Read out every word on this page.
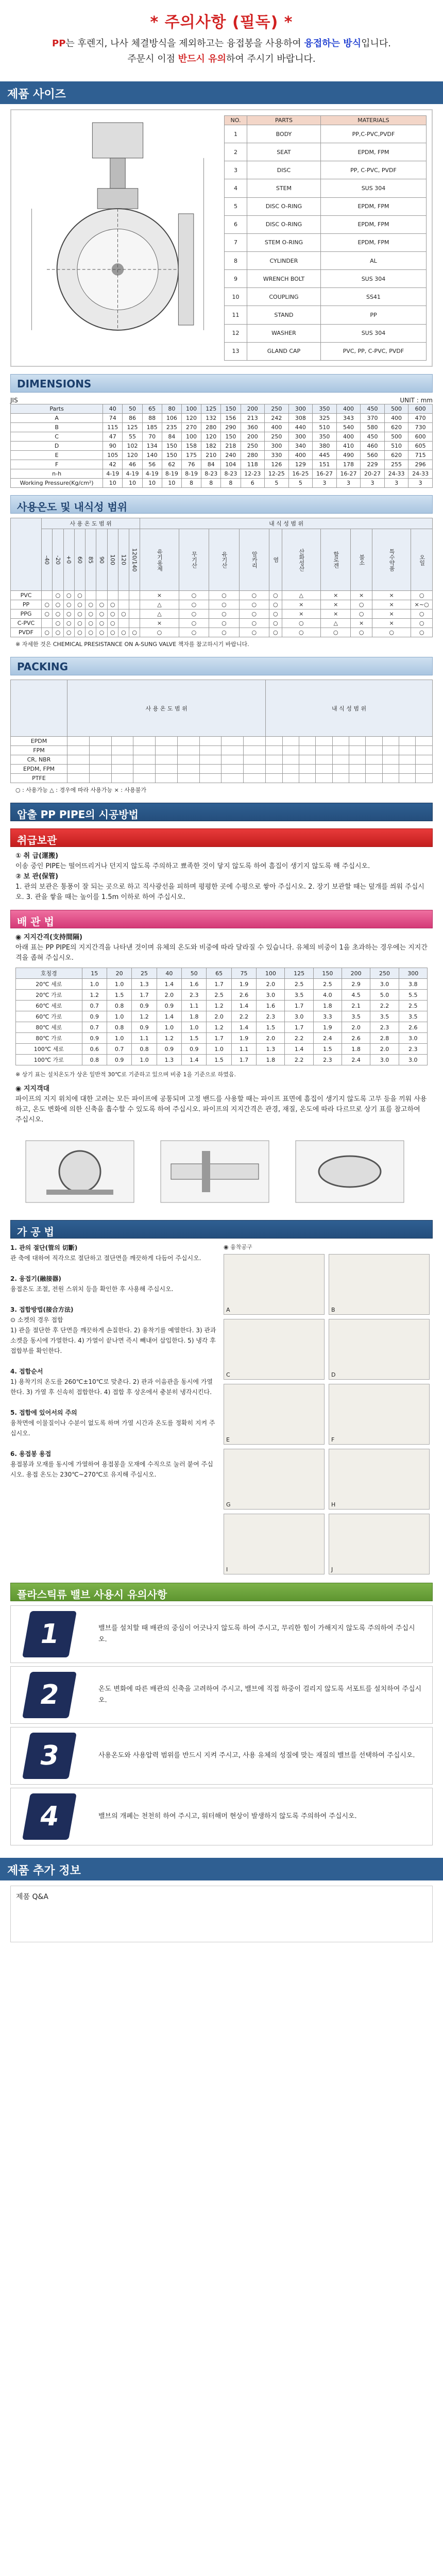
* 주의사항 (필독) *

PP는 후렌지, 나사 체결방식을 제외하고는 융접봉을 사용하여 융접하는 방식입니다.

주문시 이점 반드시 유의하여 주시기 바랍니다.

제품 사이즈
NO.	PARTS	MATERIALS
1	BODY	PP,C-PVC,PVDF
2	SEAT	EPDM, FPM
3	DISC	PP, C-PVC, PVDF
4	STEM	SUS 304
5	DISC O-RING	EPDM, FPM
6	DISC O-RING	EPDM, FPM
7	STEM O-RING	EPDM, FPM
8	CYLINDER	AL
9	WRENCH BOLT	SUS 304
10	COUPLING	SS41
11	STAND	PP
12	WASHER	SUS 304
13	GLAND CAP	PVC, PP, C-PVC, PVDF
DIMENSIONS
JIS	UNIT : mm
Parts	40	50	65	80	100	125	150	200	250	300	350	400	450	500	600
A	74	86	88	106	120	132	156	213	242	308	325	343	370	400	470
B	115	125	185	235	270	280	290	360	400	440	510	540	580	620	730
C	47	55	70	84	100	120	150	200	250	300	350	400	450	500	600
D	90	102	134	150	158	182	218	250	300	340	380	410	460	510	605
E	105	120	140	150	175	210	240	280	330	400	445	490	560	620	715
F	42	46	56	62	76	84	104	118	126	129	151	178	229	255	296
n-h	4-19	4-19	4-19	8-19	8-19	8-23	8-23	12-23	12-25	16-25	16-27	16-27	20-27	24-33	24-33
Working Pressure(Kg/cm²)	10	10	10	10	8	8	8	6	5	5	3	3	3	3	3
사용온도 및 내식성 범위
	사 용 온 도 범 위									내 식 성 범 위									
	-40	-20	+0	60	85	90	100	120	120/140	유기용제	무기산	유기산	알카리	염	산화성산	할로겐	불소	특수약품	오일
PVC		○	○	○						×	○	○	○	○	△	×	×	×	○
PP	○	○	○	○	○	○	○			△	○	○	○	○	×	×	○	×	×~○
PPG	○	○	○	○	○	○	○	○		△	○	○	○	○	×	×	○	×	○
C-PVC		○	○	○	○	○	○			×	○	○	○	○	○	△	×	×	○
PVDF	○	○	○	○	○	○	○	○	○	○	○	○	○	○	○	○	○	○	○
※ 자세한 것은 CHEMICAL PRESISTANCE ON A-SUNG VALVE 책자를 참고하시기 바랍니다.
PACKING
	사 용 온 도 범 위									내 식 성 범 위									
EPDM																			
FPM																			
CR, NBR																			
EPDM, FPM																			
PTFE																			
○ : 사용가능 △ : 경우에 따라 사용가능 × : 사용불가
압출 PP PIPE의 시공방법
취급보관
① 취 급(運搬)
이송 중인 PIPE는 떨어뜨리거나 던지지 않도록 주의하고 뾰족한 것이 닿지 않도록 하여 흠집이 생기지 않도록 해 주십시오.
② 보 관(保管)
1. 관의 보관은 통풍이 잘 되는 곳으로 하고 직사광선을 피하며 평평한 곳에 수평으로 쌓아 주십시오. 2. 장기 보관할 때는 덮개를 씌워 주십시오. 3. 관을 쌓을 때는 높이를 1.5m 이하로 하여 주십시오.
배 관 법
◉ 지지간격(支持間隔)
아래 표는 PP PIPE의 지지간격을 나타낸 것이며 유체의 온도와 비중에 따라 달라질 수 있습니다. 유체의 비중이 1을 초과하는 경우에는 지지간격을 좁혀 주십시오.
호칭경	15	20	25	40	50	65	75	100	125	150	200	250	300
20℃ 세로	1.0	1.0	1.3	1.4	1.6	1.7	1.9	2.0	2.5	2.5	2.9	3.0	3.8
20℃ 가로	1.2	1.5	1.7	2.0	2.3	2.5	2.6	3.0	3.5	4.0	4.5	5.0	5.5
60℃ 세로	0.7	0.8	0.9	0.9	1.1	1.2	1.4	1.6	1.7	1.8	2.1	2.2	2.5
60℃ 가로	0.9	1.0	1.2	1.4	1.8	2.0	2.2	2.3	3.0	3.3	3.5	3.5	3.5
80℃ 세로	0.7	0.8	0.9	1.0	1.0	1.2	1.4	1.5	1.7	1.9	2.0	2.3	2.6
80℃ 가로	0.9	1.0	1.1	1.2	1.5	1.7	1.9	2.0	2.2	2.4	2.6	2.8	3.0
100℃ 세로	0.6	0.7	0.8	0.9	0.9	1.0	1.1	1.3	1.4	1.5	1.8	2.0	2.3
100℃ 가로	0.8	0.9	1.0	1.3	1.4	1.5	1.7	1.8	2.2	2.3	2.4	3.0	3.0
※ 상기 표는 설치온도가 상온 일반적 30℃로 기준하고 있으며 비중 1을 기준으로 하였음.
◉ 지지객대
파이프의 지지 위치에 대한 고려는 모든 파이프에 공통되며 고정 밴드를 사용할 때는 파이프 표면에 흠집이 생기지 않도록 고무 등을 끼워 사용하고, 온도 변화에 의한 신축을 흡수할 수 있도록 하여 주십시오. 파이프의 지지간격은 관경, 재질, 온도에 따라 다르므로 상기 표를 참고하여 주십시오.
가 공 법
1. 관의 절단(管의 切斷)
관 축에 대하여 직각으로 절단하고 절단면을 깨끗하게 다듬어 주십시오.

2. 융접기(融接器)
융접온도 조절, 전원 스위치 등을 확인한 후 사용해 주십시오.

3. 접합방법(接合方法)
⊙ 소켓의 경우 접합
1) 관을 절단한 후 단면을 깨끗하게 손질한다. 2) 융착기를 예열한다. 3) 관과 소켓을 동시에 가열한다. 4) 가열이 끝나면 즉시 빼내어 삽입한다. 5) 냉각 후 접합부를 확인한다.

4. 접합순서
1) 용착기의 온도를 260℃±10℃로 맞춘다. 2) 관과 이음관을 동시에 가열한다. 3) 가열 후 신속히 접합한다. 4) 접합 후 상온에서 충분히 냉각시킨다.

5. 접합에 있어서의 주의
융착면에 이물질이나 수분이 없도록 하며 가열 시간과 온도를 정확히 지켜 주십시오.

6. 용접봉 용접
용접봉과 모재를 동시에 가열하여 용접봉을 모재에 수직으로 눌러 붙여 주십시오. 용접 온도는 230℃~270℃로 유지해 주십시오.
◉ 융착공구
A	B
C	D
E	F
G	H
I	J
플라스틱류 밸브 사용시 유의사항
1	밸브를 설치할 때 배관의 중심이 어긋나지 않도록 하여 주시고, 무리한 힘이 가해지지 않도록 주의하여 주십시오.
2	온도 변화에 따른 배관의 신축을 고려하여 주시고, 밸브에 직접 하중이 걸리지 않도록 서포트를 설치하여 주십시오.
3	사용온도와 사용압력 범위를 반드시 지켜 주시고, 사용 유체의 성질에 맞는 재질의 밸브를 선택하여 주십시오.
4	밸브의 개폐는 천천히 하여 주시고, 워터해머 현상이 발생하지 않도록 주의하여 주십시오.
제품 추가 정보
제품 Q&A
